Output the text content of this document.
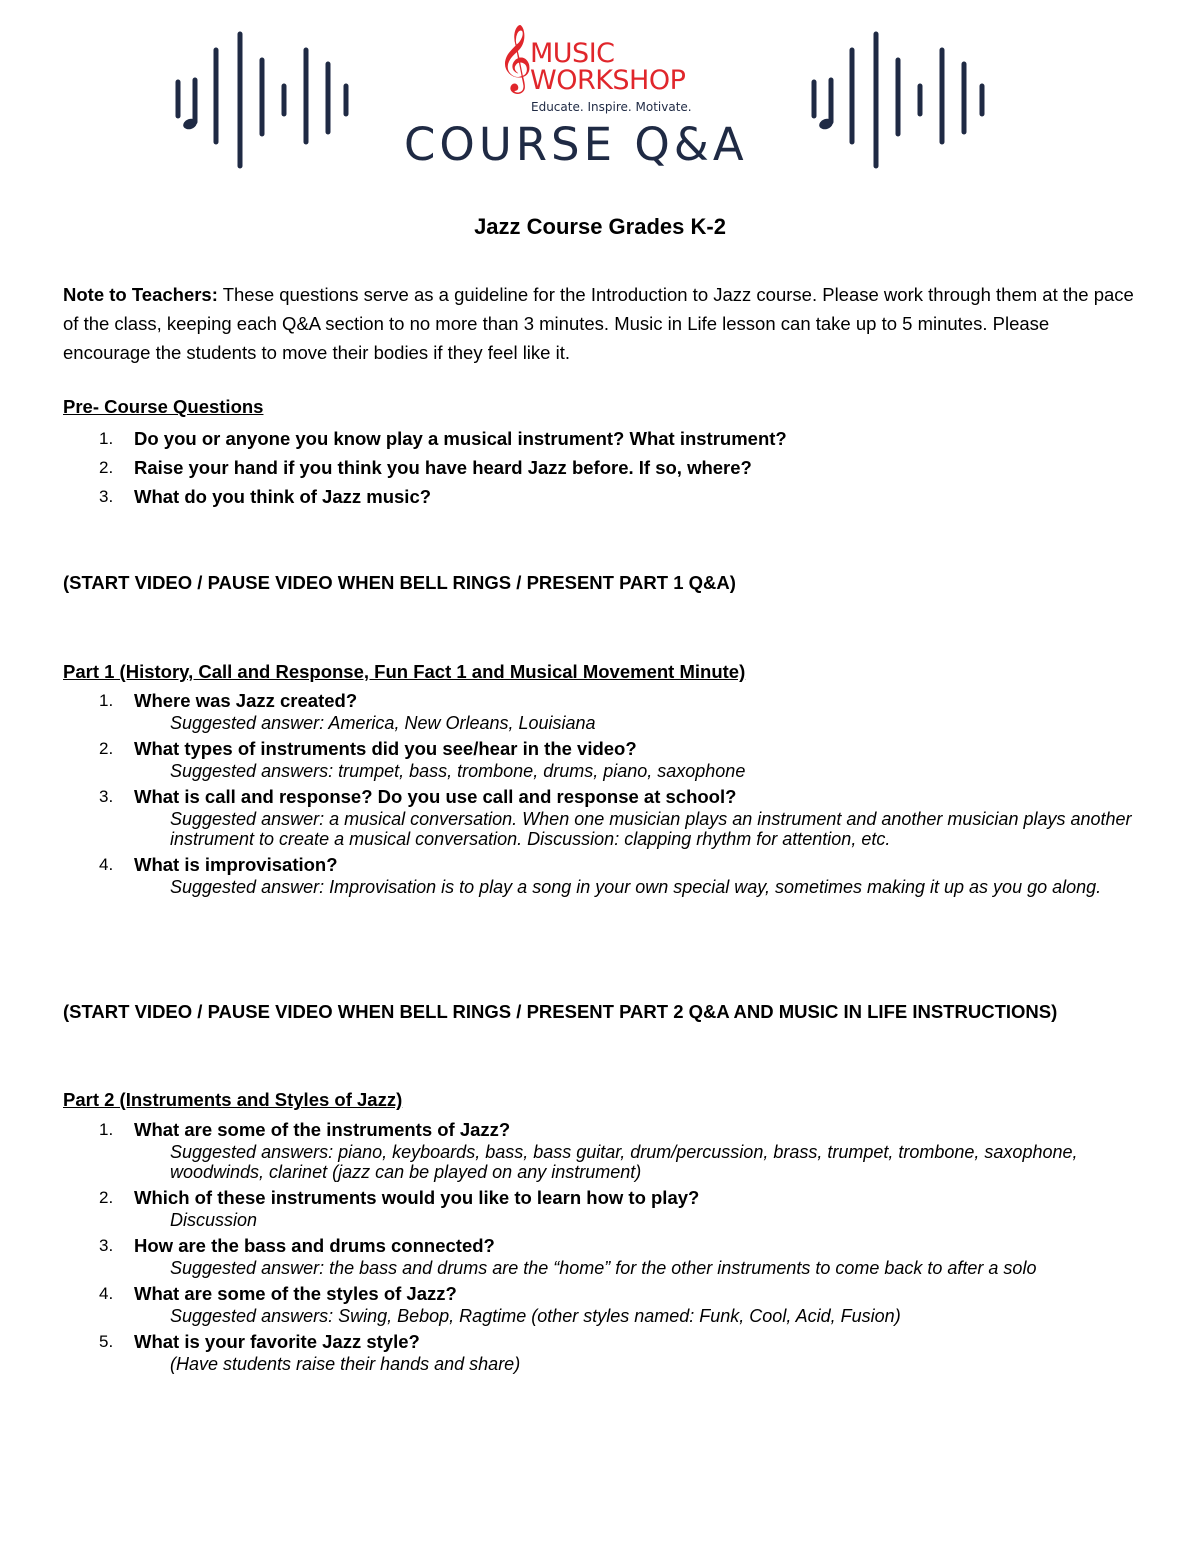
𝄞
MUSIC
WORKSHOP
Educate. Inspire. Motivate.
COURSE Q&A
Jazz Course Grades K-2
Note to Teachers: These questions serve as a guideline for the Introduction to Jazz course. Please work through them at the pace of the class, keeping each Q&A section to no more than 3 minutes. Music in Life lesson can take up to 5 minutes. Please encourage the students to move their bodies if they feel like it.
Pre- Course Questions
1. Do you or anyone you know play a musical instrument? What instrument?
2. Raise your hand if you think you have heard Jazz before. If so, where?
3. What do you think of Jazz music?
(START VIDEO / PAUSE VIDEO WHEN BELL RINGS / PRESENT PART 1 Q&A)
Part 1 (History, Call and Response, Fun Fact 1 and Musical Movement Minute)
1. Where was Jazz created?
Suggested answer: America, New Orleans, Louisiana
2. What types of instruments did you see/hear in the video?
Suggested answers: trumpet, bass, trombone, drums, piano, saxophone
3. What is call and response? Do you use call and response at school?
Suggested answer: a musical conversation. When one musician plays an instrument and another musician plays another instrument to create a musical conversation. Discussion: clapping rhythm for attention, etc.
4. What is improvisation?
Suggested answer: Improvisation is to play a song in your own special way, sometimes making it up as you go along.
(START VIDEO / PAUSE VIDEO WHEN BELL RINGS / PRESENT PART 2 Q&A AND MUSIC IN LIFE INSTRUCTIONS)
Part 2 (Instruments and Styles of Jazz)
1. What are some of the instruments of Jazz?
Suggested answers: piano, keyboards, bass, bass guitar, drum/percussion, brass, trumpet, trombone, saxophone, woodwinds, clarinet (jazz can be played on any instrument)
2. Which of these instruments would you like to learn how to play?
Discussion
3. How are the bass and drums connected?
Suggested answer: the bass and drums are the “home” for the other instruments to come back to after a solo
4. What are some of the styles of Jazz?
Suggested answers: Swing, Bebop, Ragtime (other styles named: Funk, Cool, Acid, Fusion)
5. What is your favorite Jazz style?
(Have students raise their hands and share)
